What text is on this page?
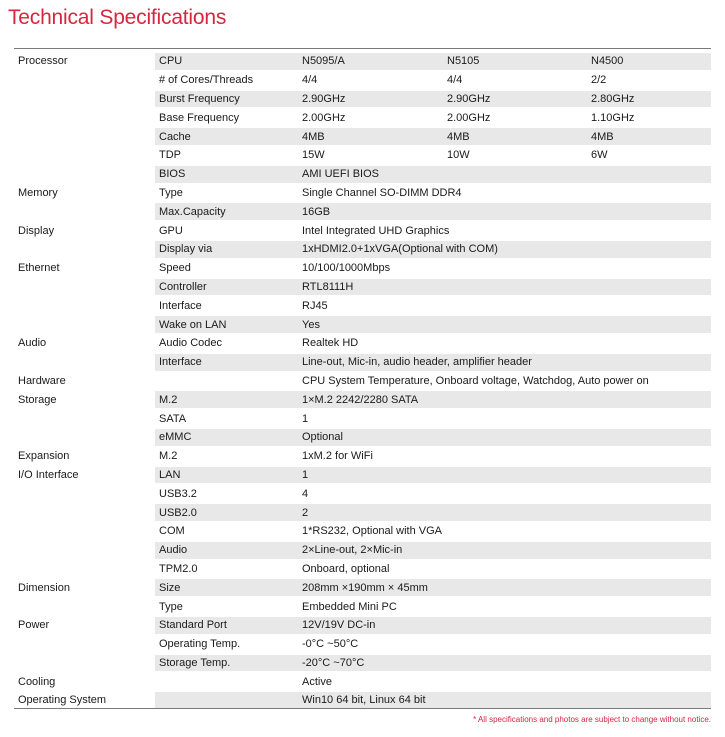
Technical Specifications
Processor	CPU	N5095/A	N5105	N4500
	# of Cores/Threads	4/4	4/4	2/2
	Burst Frequency	2.90GHz	2.90GHz	2.80GHz
	Base Frequency	2.00GHz	2.00GHz	1.10GHz
	Cache	4MB	4MB	4MB
	TDP	15W	10W	6W
	BIOS	AMI UEFI BIOS		
Memory	Type	Single Channel SO-DIMM DDR4		
	Max.Capacity	16GB		
Display	GPU	Intel Integrated UHD Graphics		
	Display via	1xHDMI2.0+1xVGA(Optional with COM)		
Ethernet	Speed	10/100/1000Mbps		
	Controller	RTL8111H		
	Interface	RJ45		
	Wake on LAN	Yes		
Audio	Audio Codec	Realtek HD		
	Interface	Line-out, Mic-in, audio header, amplifier header		
Hardware		CPU System Temperature, Onboard voltage, Watchdog, Auto power on		
Storage	M.2	1×M.2 2242/2280 SATA		
	SATA	1		
	eMMC	Optional		
Expansion	M.2	1xM.2 for WiFi		
I/O Interface	LAN	1		
	USB3.2	4		
	USB2.0	2		
	COM	1*RS232, Optional with VGA		
	Audio	2×Line-out, 2×Mic-in		
	TPM2.0	Onboard, optional		
Dimension	Size	208mm ×190mm × 45mm		
	Type	Embedded Mini PC		
Power	Standard Port	12V/19V DC-in		
	Operating Temp.	-0°C ~50°C		
	Storage Temp.	-20°C ~70°C		
Cooling		Active		
Operating System		Win10 64 bit, Linux 64 bit		
* All specifications and photos are subject to change without notice.
